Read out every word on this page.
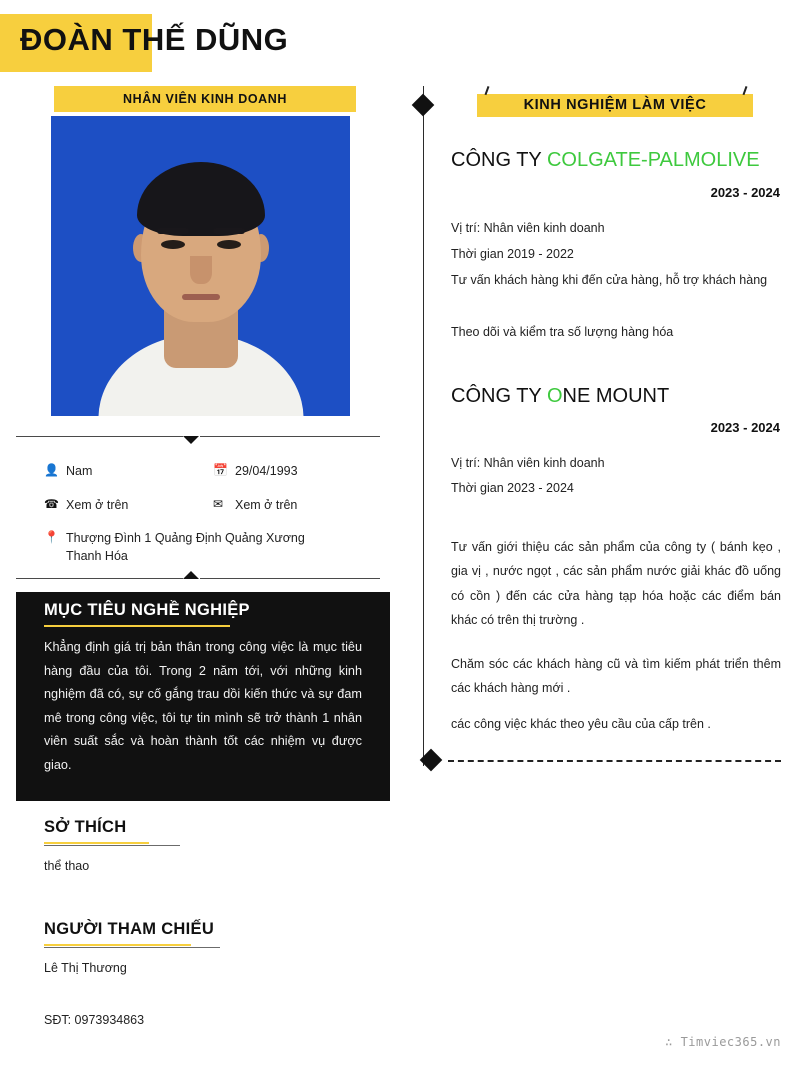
ĐOÀN THẾ DŨNG
NHÂN VIÊN KINH DOANH
👤 Nam	📅 29/04/1993
☎ Xem ở trên	✉ Xem ở trên
📍 Thượng Đình 1 Quảng Định Quảng Xương
Thanh Hóa
MỤC TIÊU NGHỀ NGHIỆP
Khẳng định giá trị bản thân trong công việc là mục tiêu hàng đầu của tôi. Trong 2 năm tới, với những kinh nghiệm đã có, sự cố gắng trau dồi kiến thức và sự đam mê trong công việc, tôi tự tin mình sẽ trở thành 1 nhân viên suất sắc và hoàn thành tốt các nhiệm vụ được giao.
SỞ THÍCH
thể thao
NGƯỜI THAM CHIẾU
Lê Thị Thương
SĐT: 0973934863
KINH NGHIỆM LÀM VIỆC
CÔNG TY COLGATE-PALMOLIVE
2023 - 2024
Vị trí: Nhân viên kinh doanh
Thời gian 2019 - 2022
Tư vấn khách hàng khi đến cửa hàng, hỗ trợ khách hàng
Theo dõi và kiểm tra số lượng hàng hóa
CÔNG TY ONE MOUNT
2023 - 2024
Vị trí: Nhân viên kinh doanh
Thời gian 2023 - 2024
Tư vấn giới thiệu các sản phẩm của công ty ( bánh kẹo , gia vị , nước ngọt , các sản phẩm nước giải khác đồ uống có cồn ) đến các cửa hàng tạp hóa hoặc các điểm bán khác có trên thị trường .
Chăm sóc các khách hàng cũ và tìm kiếm phát triển thêm các khách hàng mới .
các công việc khác theo yêu cầu của cấp trên .
∴ Timviec365.vn
